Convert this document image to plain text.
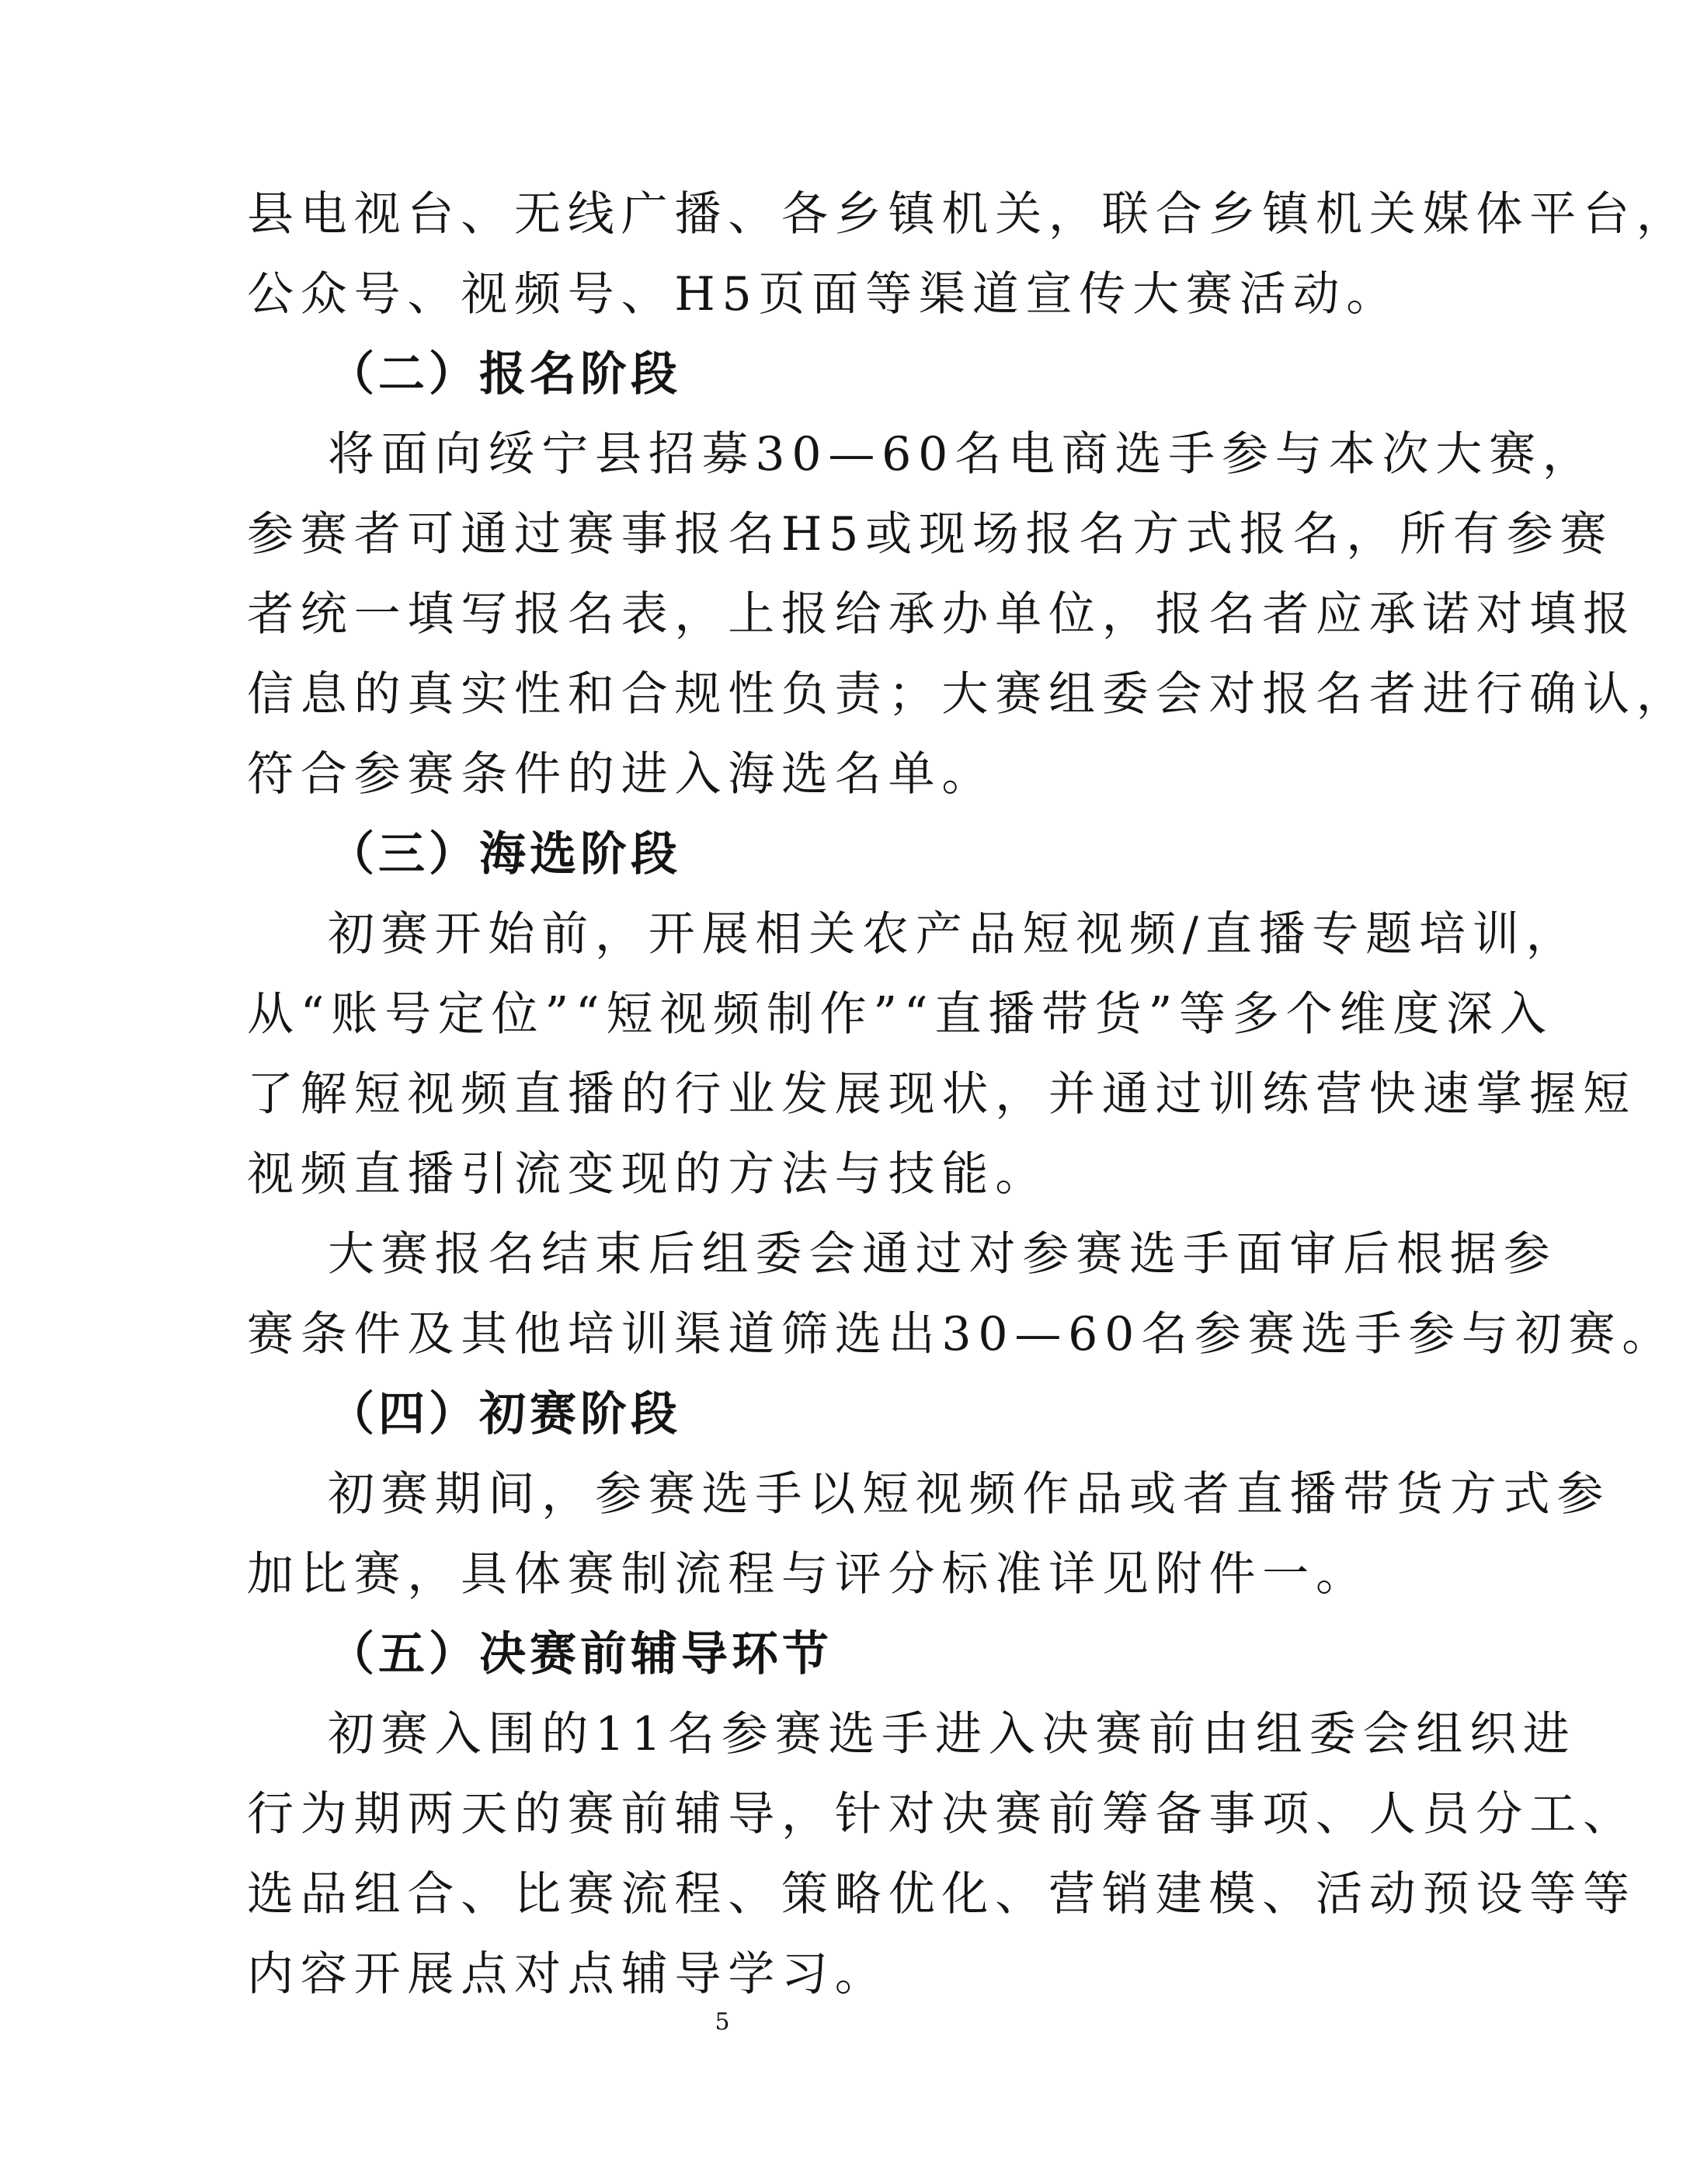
县电视台、无线广播、各乡镇机关，联合乡镇机关媒体平台，
公众号、视频号、H5页面等渠道宣传大赛活动。
（二）报名阶段
将面向绥宁县招募30—60名电商选手参与本次大赛，
参赛者可通过赛事报名H5或现场报名方式报名，所有参赛
者统一填写报名表，上报给承办单位，报名者应承诺对填报
信息的真实性和合规性负责；大赛组委会对报名者进行确认，
符合参赛条件的进入海选名单。
（三）海选阶段
初赛开始前，开展相关农产品短视频/直播专题培训，
从“账号定位”“短视频制作”“直播带货”等多个维度深入
了解短视频直播的行业发展现状，并通过训练营快速掌握短
视频直播引流变现的方法与技能。
大赛报名结束后组委会通过对参赛选手面审后根据参
赛条件及其他培训渠道筛选出30—60名参赛选手参与初赛。
（四）初赛阶段
初赛期间，参赛选手以短视频作品或者直播带货方式参
加比赛，具体赛制流程与评分标准详见附件一。
（五）决赛前辅导环节
初赛入围的11名参赛选手进入决赛前由组委会组织进
行为期两天的赛前辅导，针对决赛前筹备事项、人员分工、
选品组合、比赛流程、策略优化、营销建模、活动预设等等
内容开展点对点辅导学习。
5
